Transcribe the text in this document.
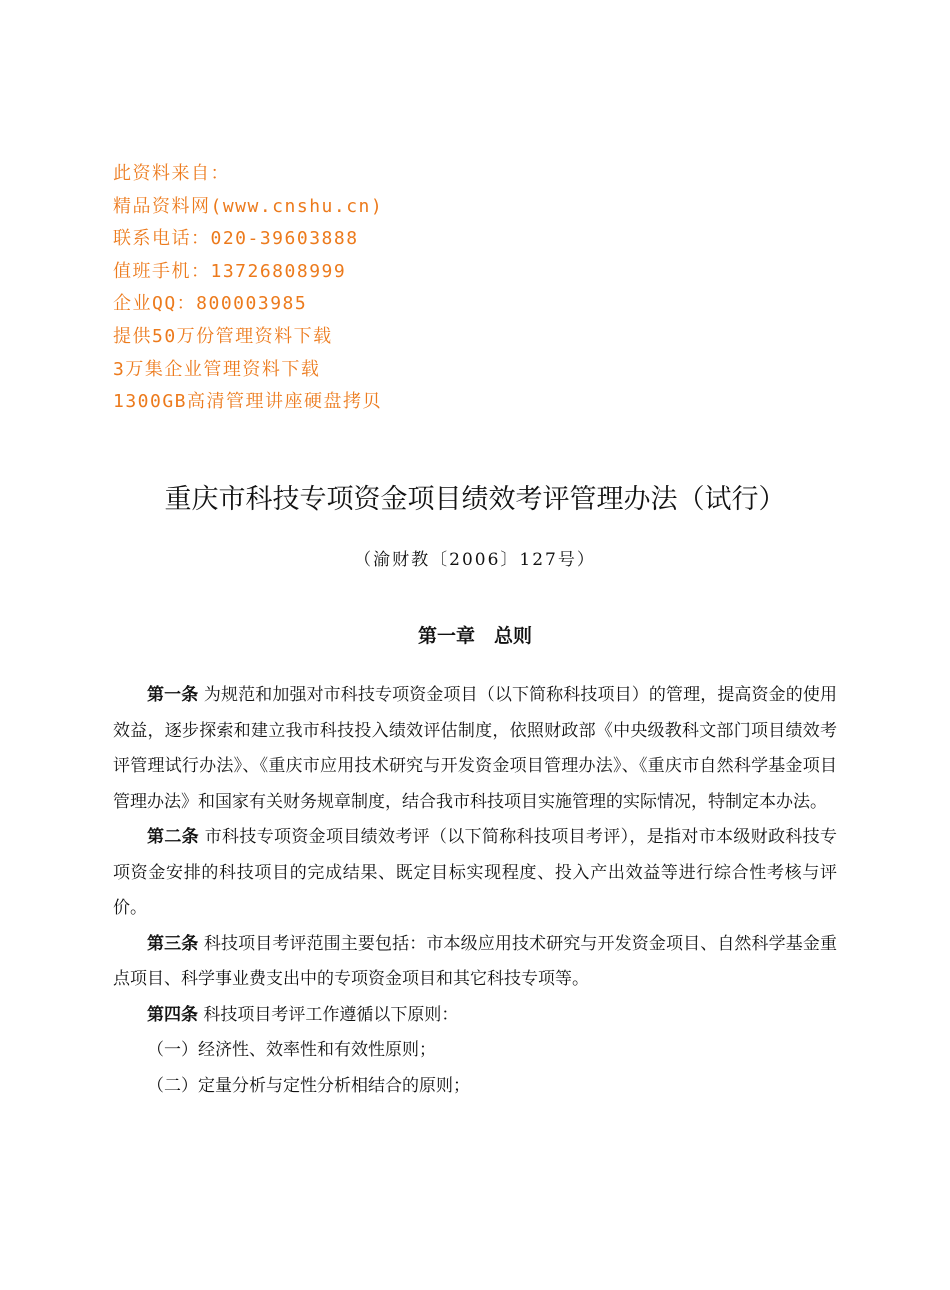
此资料来自：
精品资料网(www.cnshu.cn)
联系电话：020-39603888
值班手机：13726808999
企业QQ：800003985
提供50万份管理资料下载
3万集企业管理资料下载
1300GB高清管理讲座硬盘拷贝
重庆市科技专项资金项目绩效考评管理办法（试行）
（渝财教〔2006〕127号）
第一章　总则

第一条 为规范和加强对市科技专项资金项目（以下简称科技项目）的管理，提高资金的使用效益，逐步探索和建立我市科技投入绩效评估制度，依照财政部《中央级教科文部门项目绩效考评管理试行办法》、《重庆市应用技术研究与开发资金项目管理办法》、《重庆市自然科学基金项目管理办法》和国家有关财务规章制度，结合我市科技项目实施管理的实际情况，特制定本办法。

第二条 市科技专项资金项目绩效考评（以下简称科技项目考评），是指对市本级财政科技专项资金安排的科技项目的完成结果、既定目标实现程度、投入产出效益等进行综合性考核与评价。

第三条 科技项目考评范围主要包括：市本级应用技术研究与开发资金项目、自然科学基金重点项目、科学事业费支出中的专项资金项目和其它科技专项等。

第四条 科技项目考评工作遵循以下原则：

（一）经济性、效率性和有效性原则；

（二）定量分析与定性分析相结合的原则；
